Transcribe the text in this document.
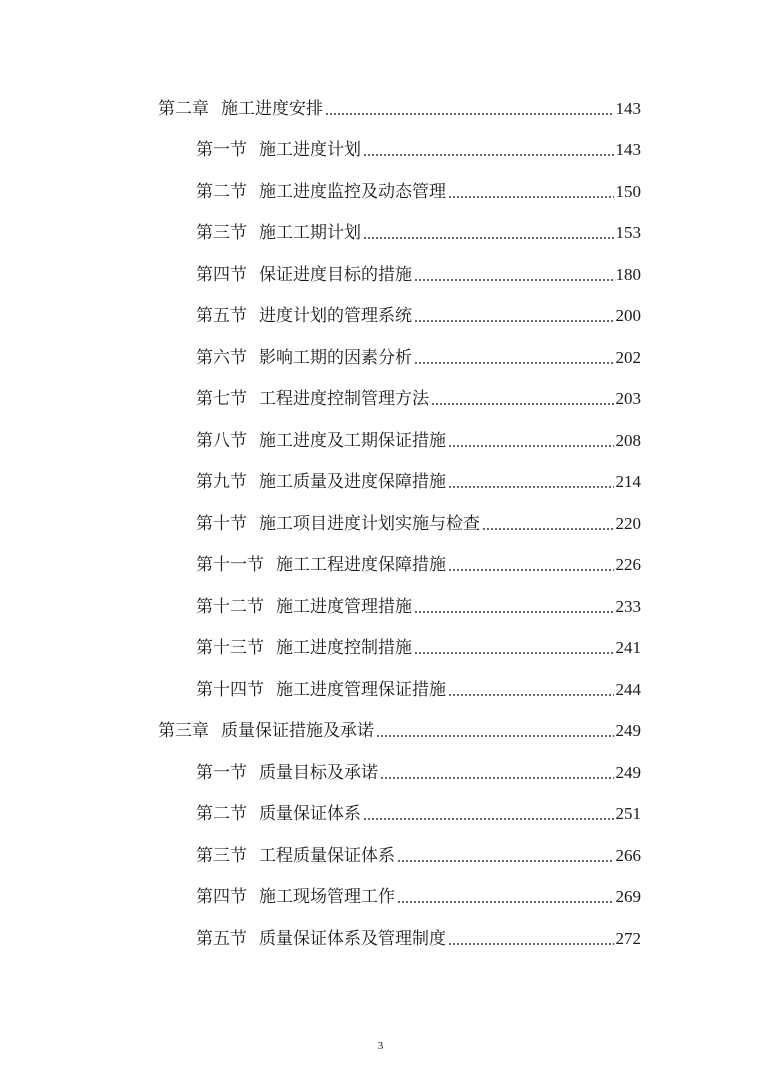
第二章 施工进度安排	143
第一节 施工进度计划	143
第二节 施工进度监控及动态管理	150
第三节 施工工期计划	153
第四节 保证进度目标的措施	180
第五节 进度计划的管理系统	200
第六节 影响工期的因素分析	202
第七节 工程进度控制管理方法	203
第八节 施工进度及工期保证措施	208
第九节 施工质量及进度保障措施	214
第十节 施工项目进度计划实施与检查	220
第十一节 施工工程进度保障措施	226
第十二节 施工进度管理措施	233
第十三节 施工进度控制措施	241
第十四节 施工进度管理保证措施	244
第三章 质量保证措施及承诺	249
第一节 质量目标及承诺	249
第二节 质量保证体系	251
第三节 工程质量保证体系	266
第四节 施工现场管理工作	269
第五节 质量保证体系及管理制度	272
3
